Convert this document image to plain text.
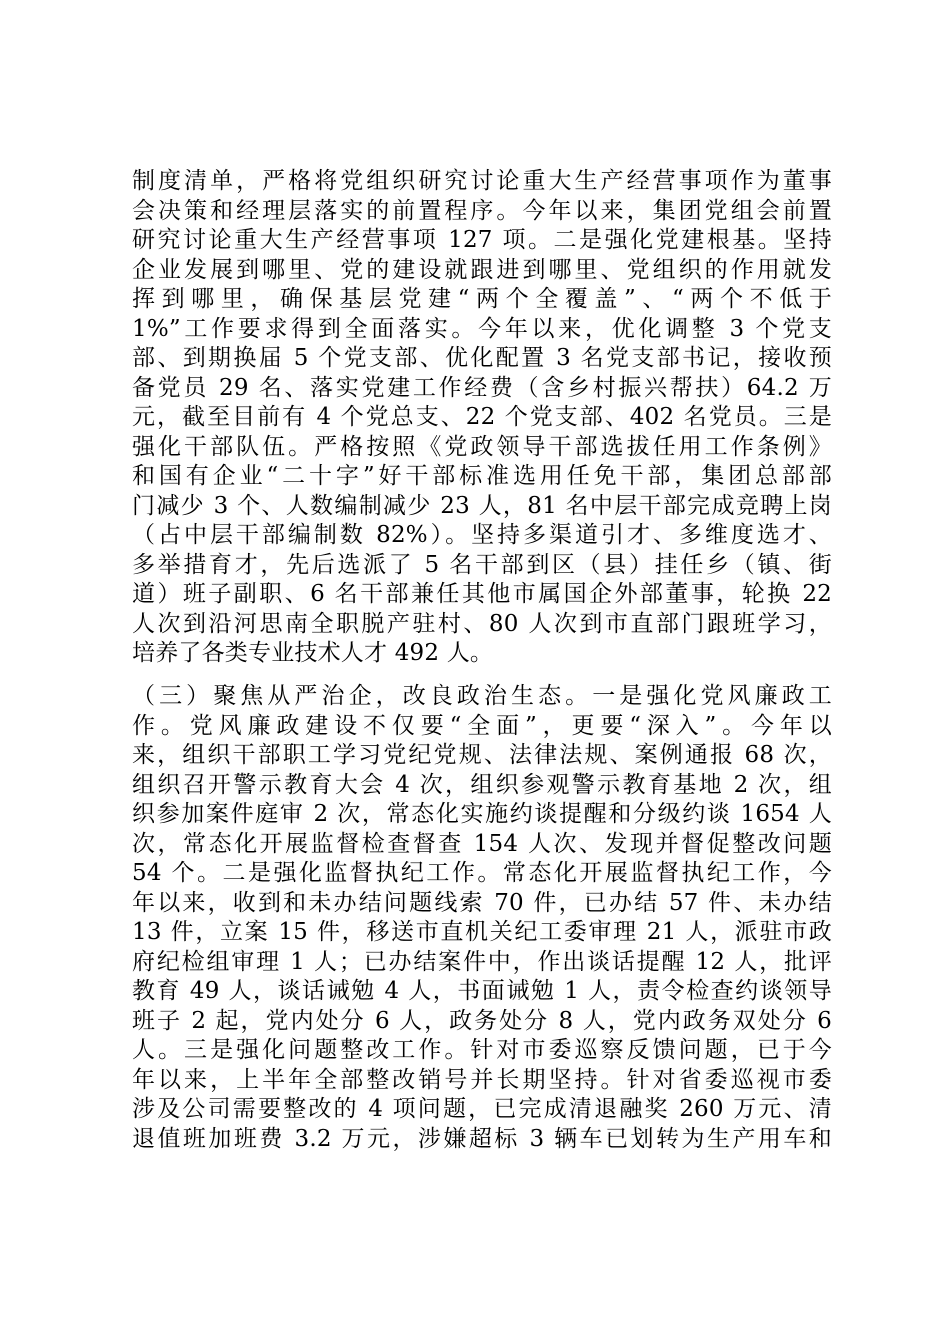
制度清单，严格将党组织研究讨论重大生产经营事项作为董事
会决策和经理层落实的前置程序。今年以来，集团党组会前置
研究讨论重大生产经营事项 127 项。二是强化党建根基。坚持
企业发展到哪里、党的建设就跟进到哪里、党组织的作用就发
挥到哪里，确保基层党建“两个全覆盖”、“两个不低于
1%”工作要求得到全面落实。今年以来，优化调整 3 个党支
部、到期换届 5 个党支部、优化配置 3 名党支部书记，接收预
备党员 29 名、落实党建工作经费（含乡村振兴帮扶）64.2 万
元，截至目前有 4 个党总支、22 个党支部、402 名党员。三是
强化干部队伍。严格按照《党政领导干部选拔任用工作条例》
和国有企业“二十字”好干部标准选用任免干部，集团总部部
门减少 3 个、人数编制减少 23 人，81 名中层干部完成竞聘上岗
（占中层干部编制数 82%）。坚持多渠道引才、多维度选才、
多举措育才，先后选派了 5 名干部到区（县）挂任乡（镇、街
道）班子副职、6 名干部兼任其他市属国企外部董事，轮换 22
人次到沿河思南全职脱产驻村、80 人次到市直部门跟班学习，
培养了各类专业技术人才 492 人。
（三）聚焦从严治企，改良政治生态。一是强化党风廉政工
作。党风廉政建设不仅要“全面”，更要“深入”。今年以
来，组织干部职工学习党纪党规、法律法规、案例通报 68 次，
组织召开警示教育大会 4 次，组织参观警示教育基地 2 次，组
织参加案件庭审 2 次，常态化实施约谈提醒和分级约谈 1654 人
次，常态化开展监督检查督查 154 人次、发现并督促整改问题
54 个。二是强化监督执纪工作。常态化开展监督执纪工作，今
年以来，收到和未办结问题线索 70 件，已办结 57 件、未办结
13 件，立案 15 件，移送市直机关纪工委审理 21 人，派驻市政
府纪检组审理 1 人；已办结案件中，作出谈话提醒 12 人，批评
教育 49 人，谈话诫勉 4 人，书面诫勉 1 人，责令检查约谈领导
班子 2 起，党内处分 6 人，政务处分 8 人，党内政务双处分 6
人。三是强化问题整改工作。针对市委巡察反馈问题，已于今
年以来，上半年全部整改销号并长期坚持。针对省委巡视市委
涉及公司需要整改的 4 项问题，已完成清退融奖 260 万元、清
退值班加班费 3.2 万元，涉嫌超标 3 辆车已划转为生产用车和
